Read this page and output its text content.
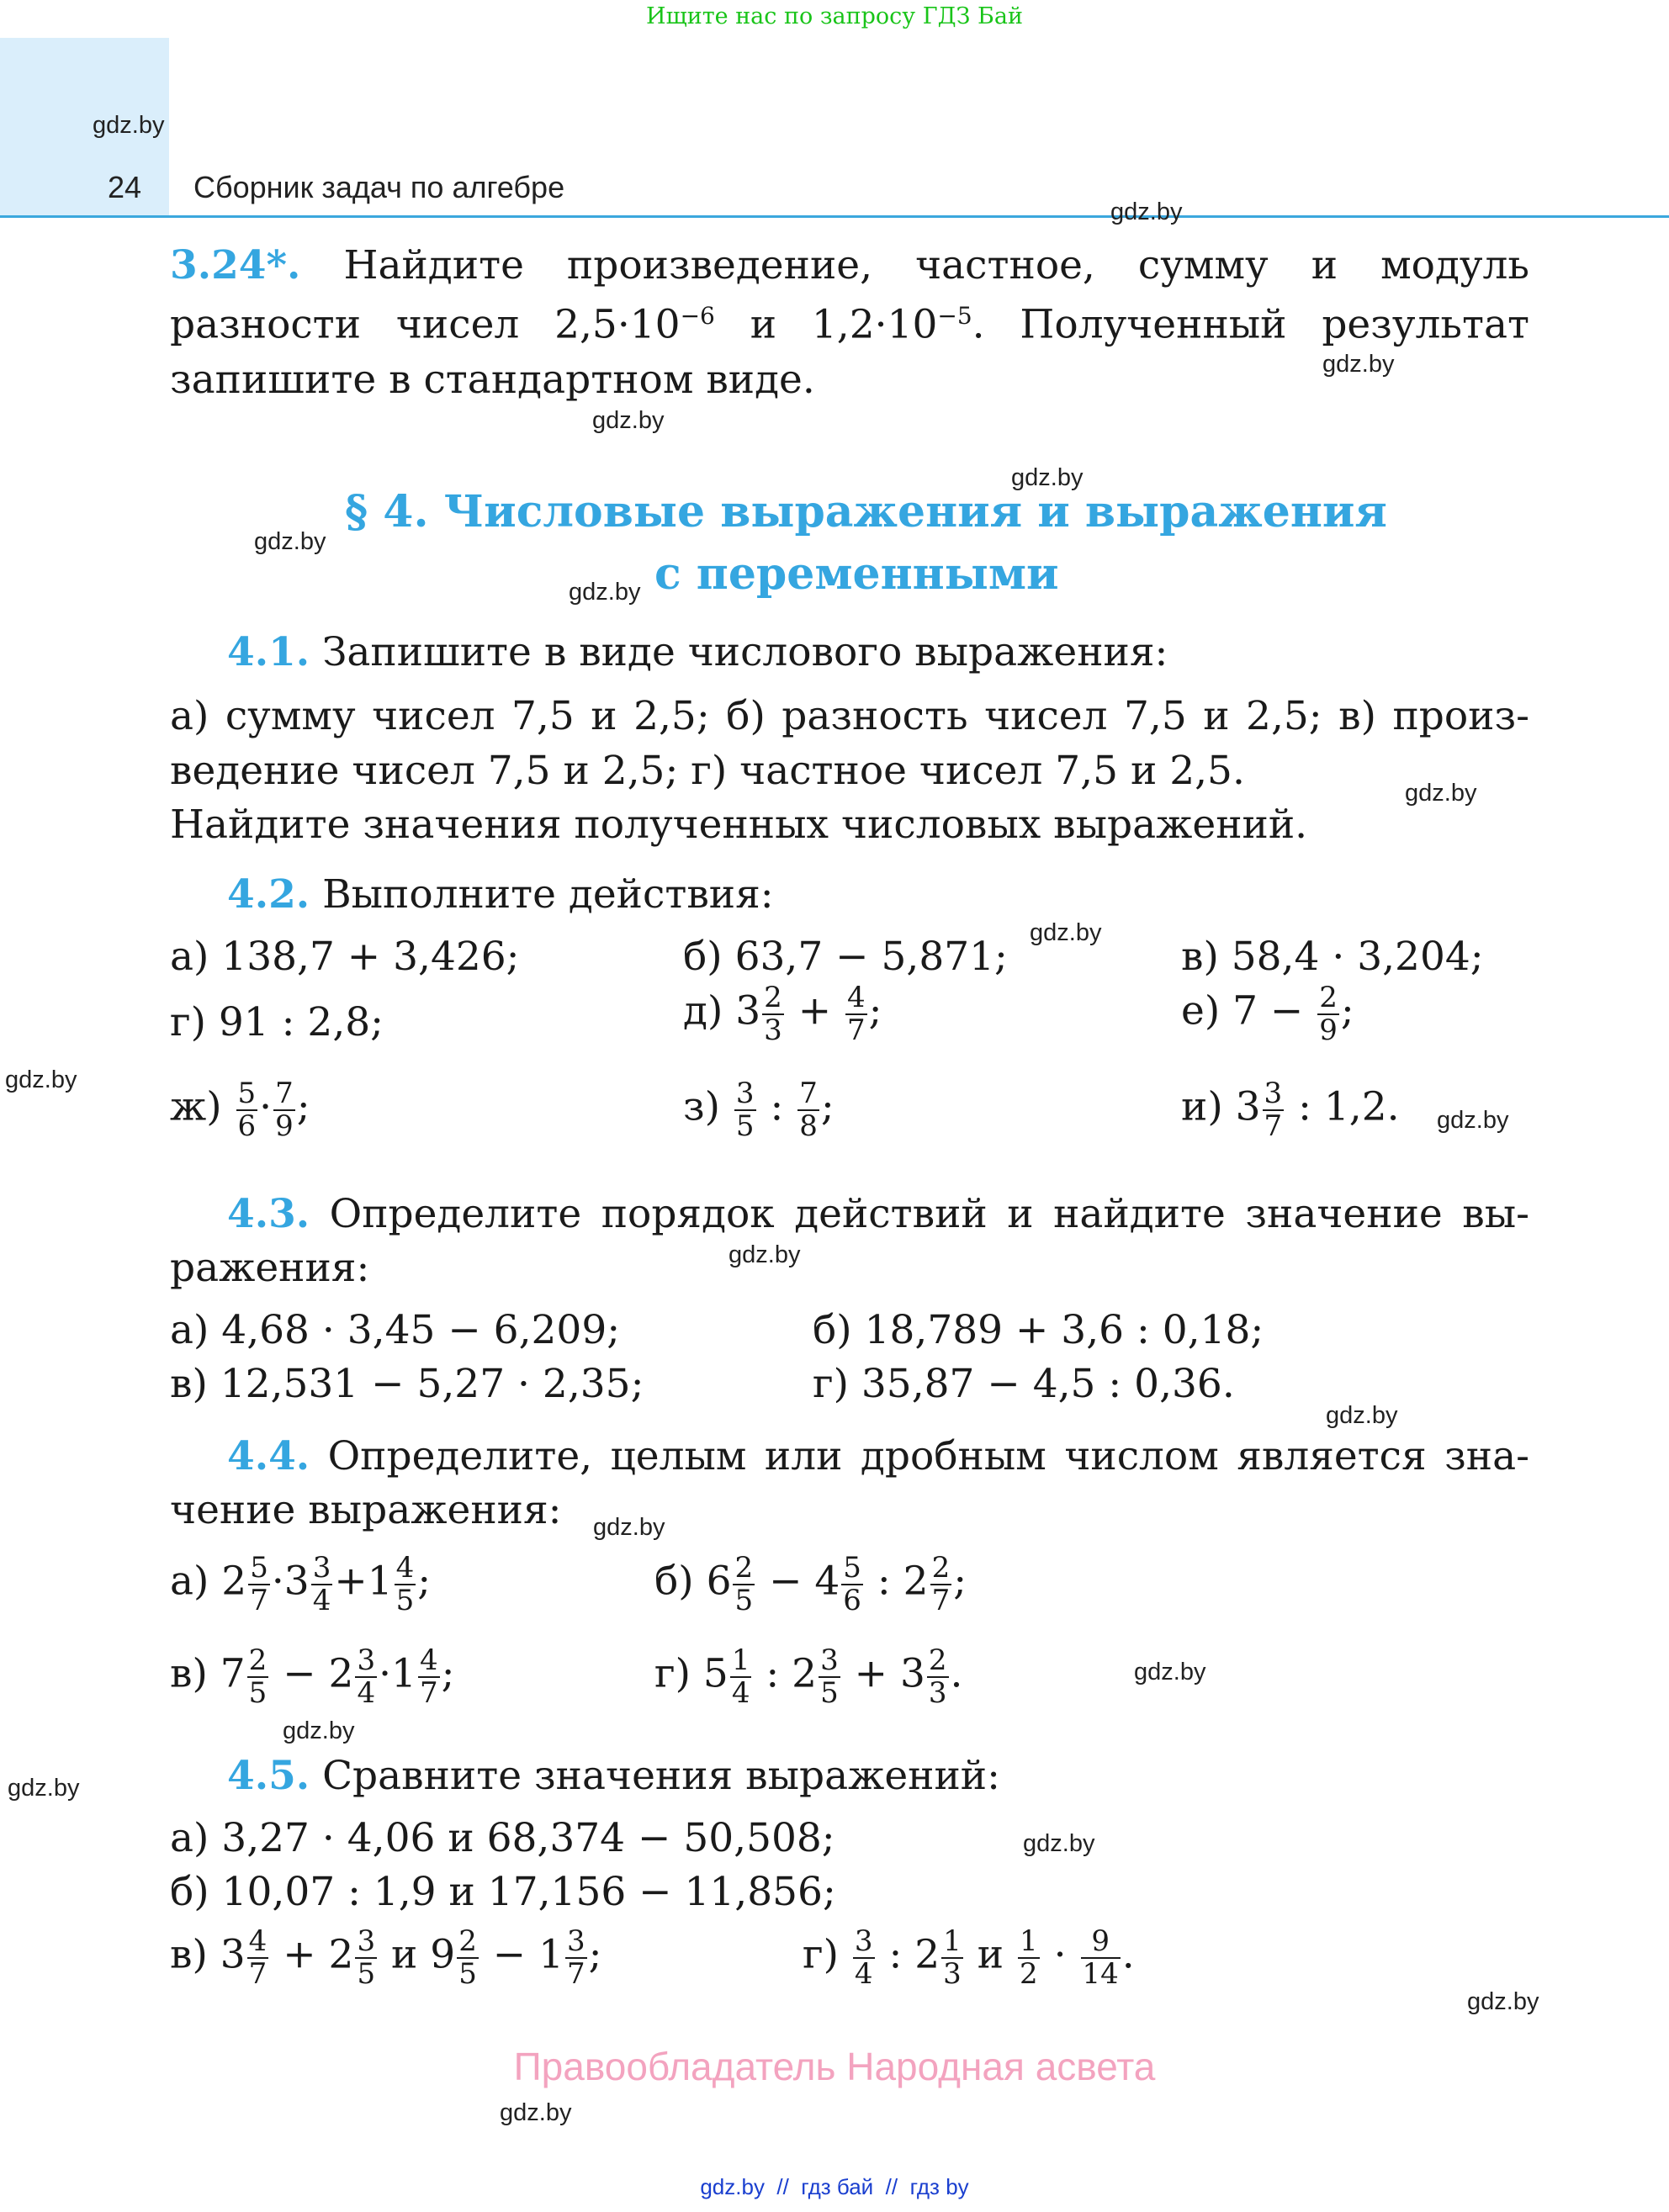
Ищите нас по запросу ГДЗ Бай
24 Сборник задач по алгебре
gdz.by
gdz.by
gdz.by
gdz.by
gdz.by
gdz.by
gdz.by
gdz.by
gdz.by
gdz.by
gdz.by
gdz.by
gdz.by
gdz.by
gdz.by
gdz.by
gdz.by
gdz.by
gdz.by
gdz.by
3.24*. Найдите произведение, частное, сумму и модуль
разности чисел $2,5\cdot 10^{-6}$ и $1,2\cdot 10^{-5}$. Полученный результат
запишите в стандартном виде.
§ 4. Числовые выражения и выражения
с переменными
4.1. Запишите в виде числового выражения:
а) сумму чисел 7,5 и 2,5; б) разность чисел 7,5 и 2,5; в) произ-
ведение чисел 7,5 и 2,5; г) частное чисел 7,5 и 2,5.
Найдите значения полученных числовых выражений.
4.2. Выполните действия:
а) 138,7 + 3,426;	б) 63,7 − 5,871;	в) 58,4 · 3,204;
г) 91 : 2,8;	д) $3 \frac{2}{3} + \frac{4}{7}$ ;	е) $7 - \frac{2}{9}$ ;
$ж) \frac{5}{6} \cdot \frac{7}{9}$ ;	$з) \frac{3}{5}$ : $\frac{7}{8}$ ;	и) $3 \frac{3}{7}$ : 1,2.
4.3. Определите порядок действий и найдите значение вы-
ражения:
а) 4,68 · 3,45 − 6,209;	б) 18,789 + 3,6 : 0,18;
в) 12,531 − 5,27 · 2,35;	г) 35,87 − 4,5 : 0,36.
4.4. Определите, целым или дробным числом является зна-
чение выражения:
а) $2 \frac{5}{7} \cdot 3 \frac{3}{4} +1 \frac{4}{5}$ ;	б) $6 \frac{2}{5} - 4 \frac{5}{6}$ : $2 \frac{2}{7}$ ;
в) $7 \frac{2}{5} - 2 \frac{3}{4} \cdot 1 \frac{4}{7}$ ;	г) $5 \frac{1}{4}$ : $2 \frac{3}{5} + 3 \frac{2}{3}$ .
4.5. Сравните значения выражений:
а) 3,27 · 4,06 и 68,374 − 50,508;
б) 10,07 : 1,9 и 17,156 − 11,856;
в) $3 \frac{4}{7} + 2 \frac{3}{5}$ и $9 \frac{2}{5} - 1 \frac{3}{7}$ ;	$г) \frac{3}{4}$ : $2 \frac{1}{3}$ и $\frac{1}{2} \cdot \frac{9}{14}$ .
Правообладатель Народная асвета
gdz.by  //  гдз бай  //  гдз by
